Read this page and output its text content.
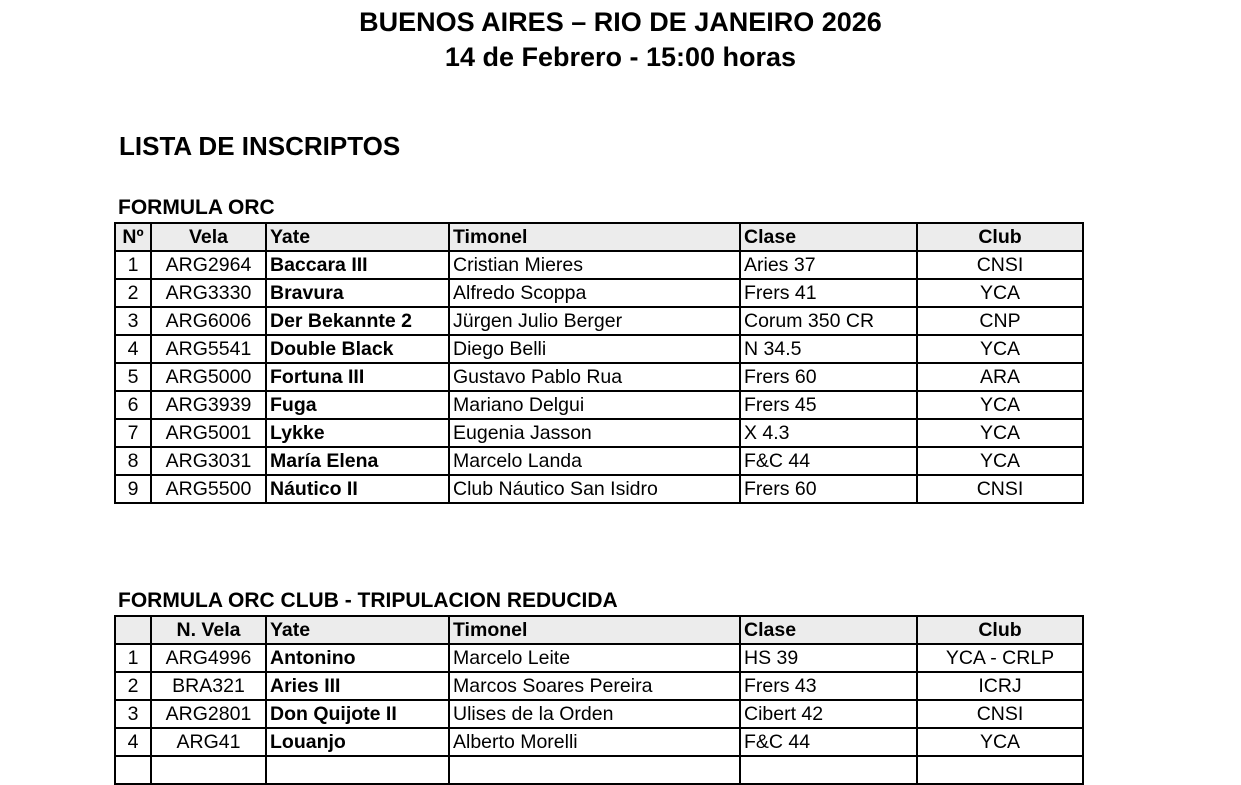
BUENOS AIRES – RIO DE JANEIRO 2026
14 de Febrero - 15:00 horas
LISTA DE INSCRIPTOS
FORMULA ORC
Nº	Vela	Yate	Timonel	Clase	Club
1	ARG2964	Baccara III	Cristian Mieres	Aries 37	CNSI
2	ARG3330	Bravura	Alfredo Scoppa	Frers 41	YCA
3	ARG6006	Der Bekannte 2	Jürgen Julio Berger	Corum 350 CR	CNP
4	ARG5541	Double Black	Diego Belli	N 34.5	YCA
5	ARG5000	Fortuna III	Gustavo Pablo Rua	Frers 60	ARA
6	ARG3939	Fuga	Mariano Delgui	Frers 45	YCA
7	ARG5001	Lykke	Eugenia Jasson	X 4.3	YCA
8	ARG3031	María Elena	Marcelo Landa	F&C 44	YCA
9	ARG5500	Náutico II	Club Náutico San Isidro	Frers 60	CNSI
FORMULA ORC CLUB - TRIPULACION REDUCIDA
	N. Vela	Yate	Timonel	Clase	Club
1	ARG4996	Antonino	Marcelo Leite	HS 39	YCA - CRLP
2	BRA321	Aries III	Marcos Soares Pereira	Frers 43	ICRJ
3	ARG2801	Don Quijote II	Ulises de la Orden	Cibert 42	CNSI
4	ARG41	Louanjo	Alberto Morelli	F&C 44	YCA
